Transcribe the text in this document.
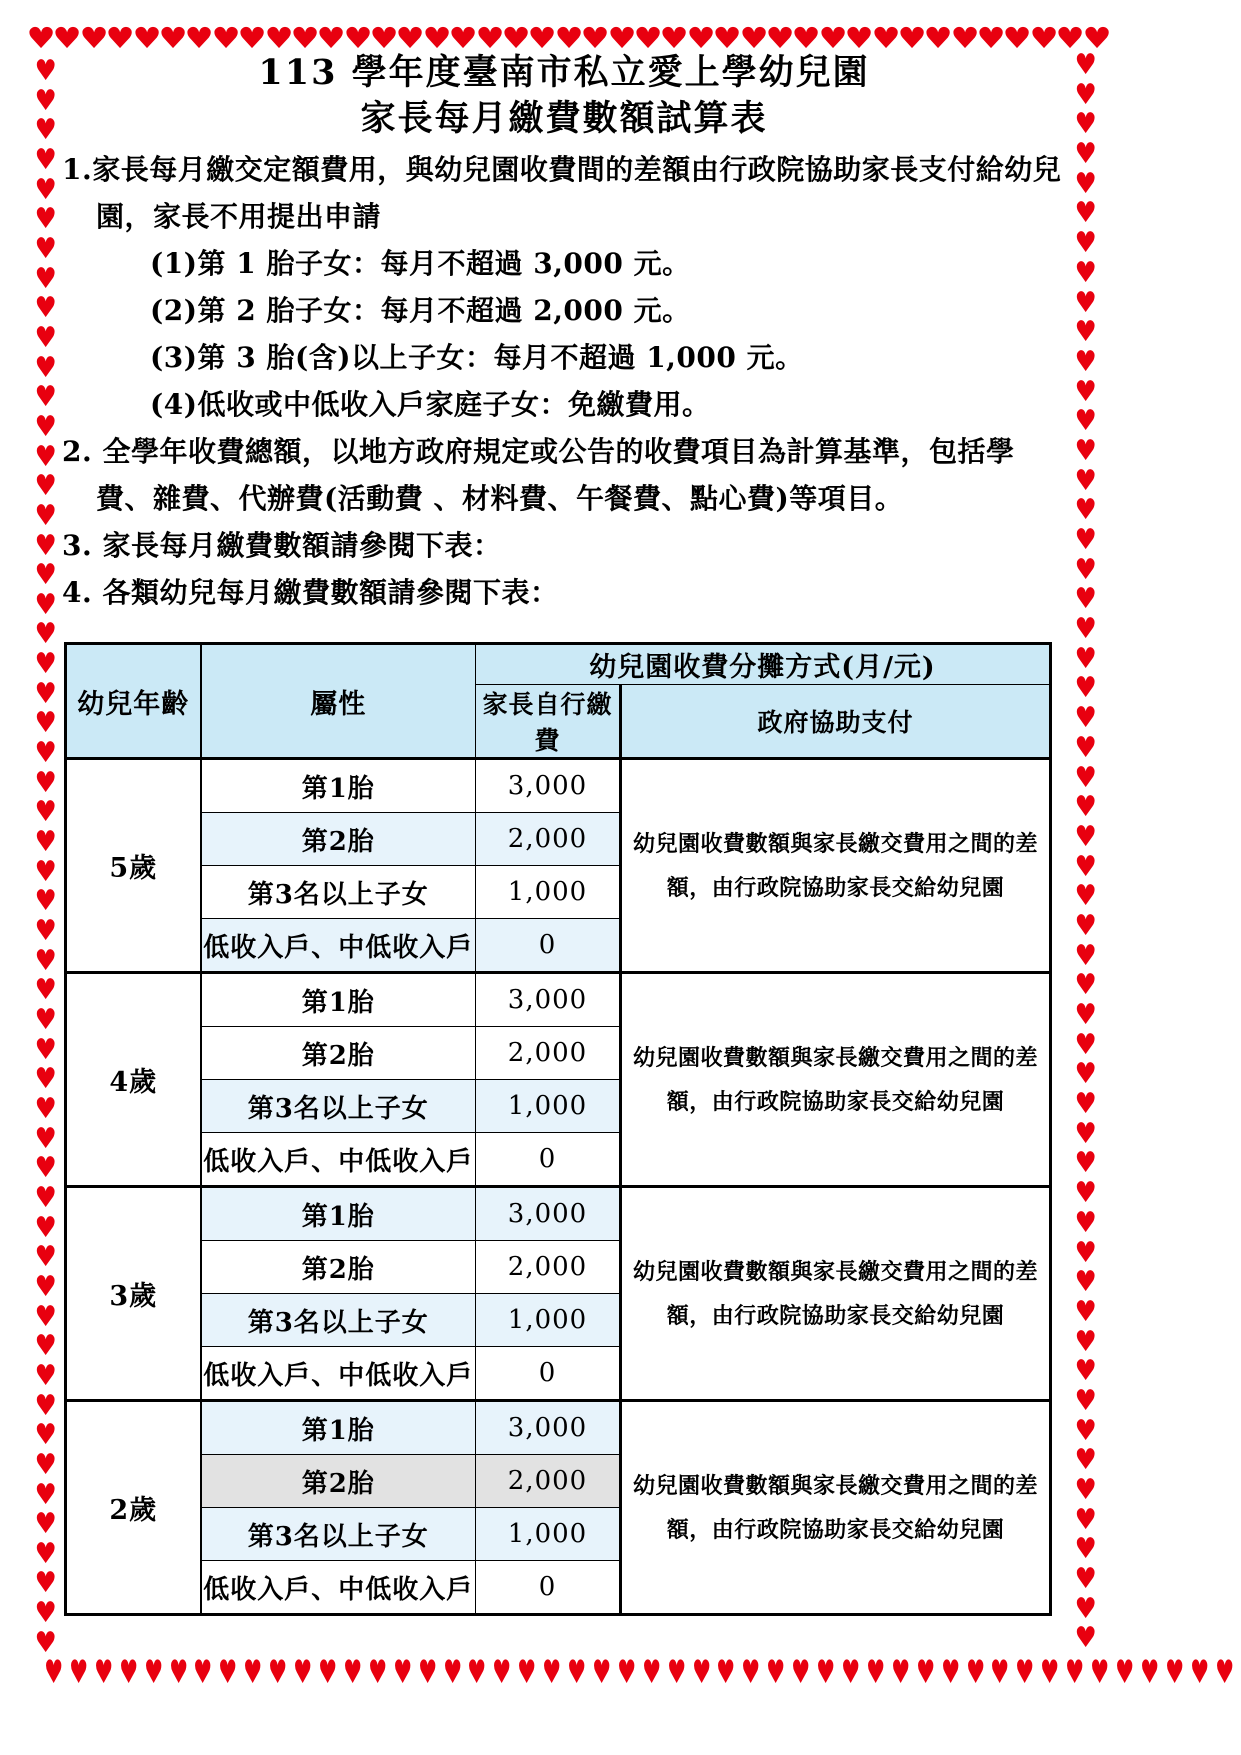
♥
♥
♥
♥
♥
♥
♥
♥
♥
♥
♥
♥
♥
♥
♥
♥
♥
♥
♥
♥
♥
♥
♥
♥
♥
♥
♥
♥
♥
♥
♥
♥
♥
♥
♥
♥
♥
♥
♥
♥
♥
♥ ♥ ♥ ♥ ♥ ♥ ♥ ♥ ♥ ♥ ♥ ♥ ♥ ♥ ♥ ♥ ♥ ♥ ♥ ♥ ♥ ♥ ♥ ♥ ♥ ♥ ♥ ♥ ♥ ♥ ♥ ♥ ♥ ♥ ♥ ♥ ♥ ♥ ♥ ♥ ♥ ♥ ♥ ♥ ♥ ♥ ♥ ♥
♥
♥
♥
♥
♥
♥
♥
♥
♥
♥
♥
♥
♥
♥
♥
♥
♥
♥
♥
♥
♥
♥
♥
♥
♥
♥
♥
♥
♥
♥
♥
♥
♥
♥
♥
♥
♥
♥
♥
♥
♥
♥
♥
♥
♥
♥
♥
♥
♥
♥
♥
♥
♥
♥
♥
♥
♥
♥
♥
♥
♥
♥
♥
♥
♥
♥
♥
♥
♥
♥
♥
♥
♥
♥
♥
♥
♥
♥
♥
♥
♥
♥
♥
♥
♥
♥
♥
♥
♥
♥
♥
♥
♥
♥
♥
♥
♥
♥
♥
♥
♥
♥
♥
♥
♥
♥
♥
♥
113 學年度臺南市私立愛上學幼兒園
家長每月繳費數額試算表
1.家長每月繳交定額費用，與幼兒園收費間的差額由行政院協助家長支付給幼兒園，家長不用提出申請
(1)第 1 胎子女：每月不超過 3,000 元。
(2)第 2 胎子女：每月不超過 2,000 元。
(3)第 3 胎(含)以上子女：每月不超過 1,000 元。
(4)低收或中低收入戶家庭子女：免繳費用。
2. 全學年收費總額，以地方政府規定或公告的收費項目為計算基準，包括學費、雜費、代辦費(活動費 、材料費、午餐費、點心費)等項目。
3. 家長每月繳費數額請參閱下表：
4. 各類幼兒每月繳費數額請參閱下表：
幼兒年齡	屬性	幼兒園收費分攤方式(月/元)	
		家長自行繳費	政府協助支付
5歲	第1胎	3,000	幼兒園收費數額與家長繳交費用之間的差額，由行政院協助家長交給幼兒園
	第2胎	2,000	
	第3名以上子女	1,000	
	低收入戶、中低收入戶	0	
4歲	第1胎	3,000	幼兒園收費數額與家長繳交費用之間的差額，由行政院協助家長交給幼兒園
	第2胎	2,000	
	第3名以上子女	1,000	
	低收入戶、中低收入戶	0	
3歲	第1胎	3,000	幼兒園收費數額與家長繳交費用之間的差額，由行政院協助家長交給幼兒園
	第2胎	2,000	
	第3名以上子女	1,000	
	低收入戶、中低收入戶	0	
2歲	第1胎	3,000	幼兒園收費數額與家長繳交費用之間的差額，由行政院協助家長交給幼兒園
	第2胎	2,000	
	第3名以上子女	1,000	
	低收入戶、中低收入戶	0	
